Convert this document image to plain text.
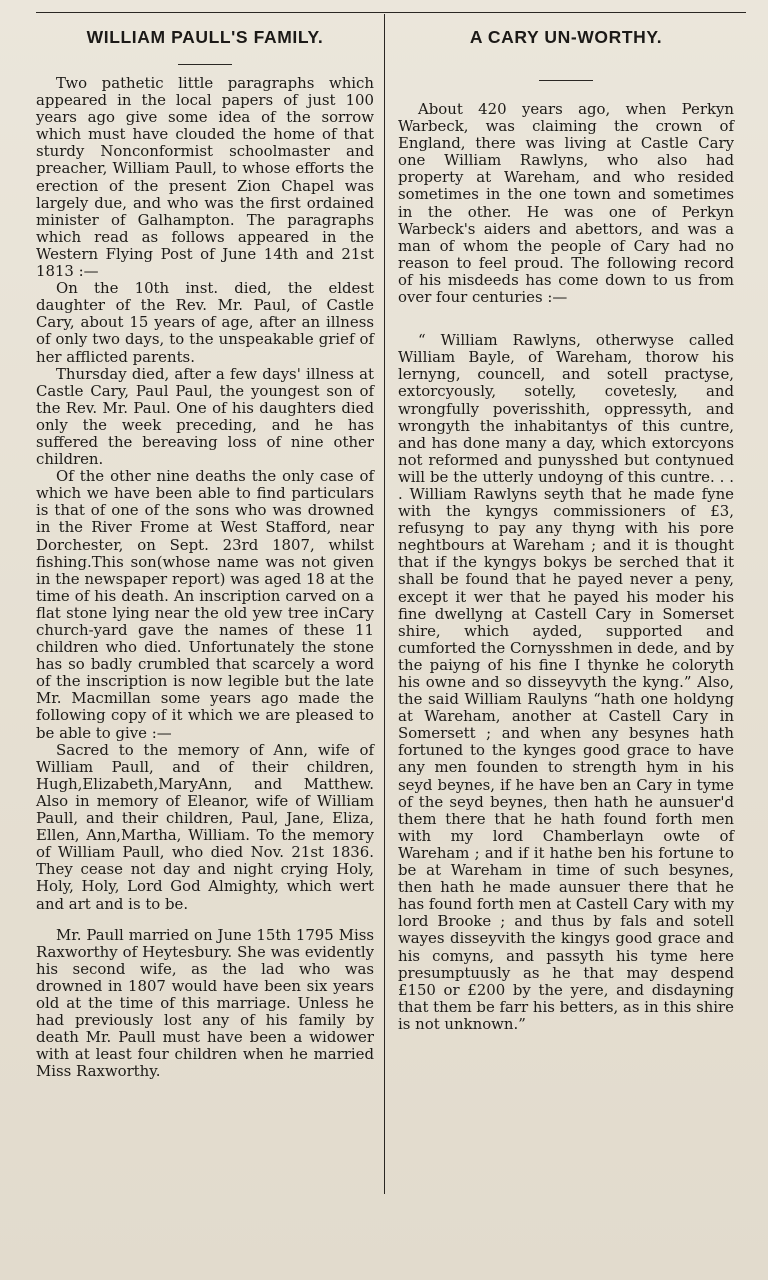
WILLIAM PAULL'S FAMILY.

Two pathetic little paragraphs which appeared in the local papers of just 100 years ago give some idea of the sorrow which must have clouded the home of that sturdy Nonconformist schoolmaster and preacher, William Paull, to whose efforts the erection of the present Zion Chapel was largely due, and who was the first ordained minister of Galhampton. The paragraphs which read as follows appeared in the Western Flying Post of June 14th and 21st 1813 :—

On the 10th inst. died, the eldest daughter of the Rev. Mr. Paul, of Castle Cary, about 15 years of age, after an illness of only two days, to the unspeakable grief of her afflicted parents.

Thursday died, after a few days' illness at Castle Cary, Paul Paul, the youngest son of the Rev. Mr. Paul. One of his daughters died only the week preceding, and he has suffered the bereaving loss of nine other children.

Of the other nine deaths the only case of which we have been able to find particulars is that of one of the sons who was drowned in the River Frome at West Stafford, near Dorchester, on Sept. 23rd 1807, whilst fishing.This son(whose name was not given in the newspaper report) was aged 18 at the time of his death. An inscription carved on a flat stone lying near the old yew tree inCary church-yard gave the names of these 11 children who died. Unfortunately the stone has so badly crumbled that scarcely a word of the inscription is now legible but the late Mr. Macmillan some years ago made the following copy of it which we are pleased to be able to give :—

Sacred to the memory of Ann, wife of William Paull, and of their children, Hugh,Elizabeth,MaryAnn, and Matthew. Also in memory of Eleanor, wife of William Paull, and their children, Paul, Jane, Eliza, Ellen, Ann,Martha, William. To the memory of William Paull, who died Nov. 21st 1836. They cease not day and night crying Holy, Holy, Holy, Lord God Almighty, which wert and art and is to be.

Mr. Paull married on June 15th 1795 Miss Raxworthy of Heytesbury. She was evidently his second wife, as the lad who was drowned in 1807 would have been six years old at the time of this marriage. Unless he had previously lost any of his family by death Mr. Paull must have been a widower with at least four children when he married Miss Raxworthy.

A CARY UN-WORTHY.

About 420 years ago, when Perkyn Warbeck, was claiming the crown of England, there was living at Castle Cary one William Rawlyns, who also had property at Wareham, and who resided sometimes in the one town and sometimes in the other. He was one of Perkyn Warbeck's aiders and abettors, and was a man of whom the people of Cary had no reason to feel proud. The following record of his misdeeds has come down to us from over four centuries :—

“ William Rawlyns, otherwyse called William Bayle, of Wareham, thorow his lernyng, councell, and sotell practyse, extorcyously, sotelly, covetesly, and wrongfully poverisshith, oppressyth, and wrongyth the inhabitantys of this cuntre, and has done many a day, which extorcyons not reformed and punysshed but contynued will be the utterly undoyng of this cuntre. . . . William Rawlyns seyth that he made fyne with the kyngys commissioners of £3, refusyng to pay any thyng with his pore neghtbours at Wareham ; and it is thought that if the kyngys bokys be serched that it shall be found that he payed never a peny, except it wer that he payed his moder his fine dwellyng at Castell Cary in Somerset shire, which ayded, supported and cumforted the Cornysshmen in dede, and by the paiyng of his fine I thynke he coloryth his owne and so disseyvyth the kyng.” Also, the said William Raulyns “hath one holdyng at Wareham, another at Castell Cary in Somersett ; and when any besynes hath fortuned to the kynges good grace to have any men founden to strength hym in his seyd beynes, if he have ben an Cary in tyme of the seyd beynes, then hath he aunsuer'd them there that he hath found forth men with my lord Chamberlayn owte of Wareham ; and if it hathe ben his fortune to be at Wareham in time of such besynes, then hath he made aunsuer there that he has found forth men at Castell Cary with my lord Brooke ; and thus by fals and sotell wayes disseyvith the kingys good grace and his comyns, and passyth his tyme here presumptuusly as he that may despend £150 or £200 by the yere, and disdayning that them be farr his betters, as in this shire is not unknown.”
